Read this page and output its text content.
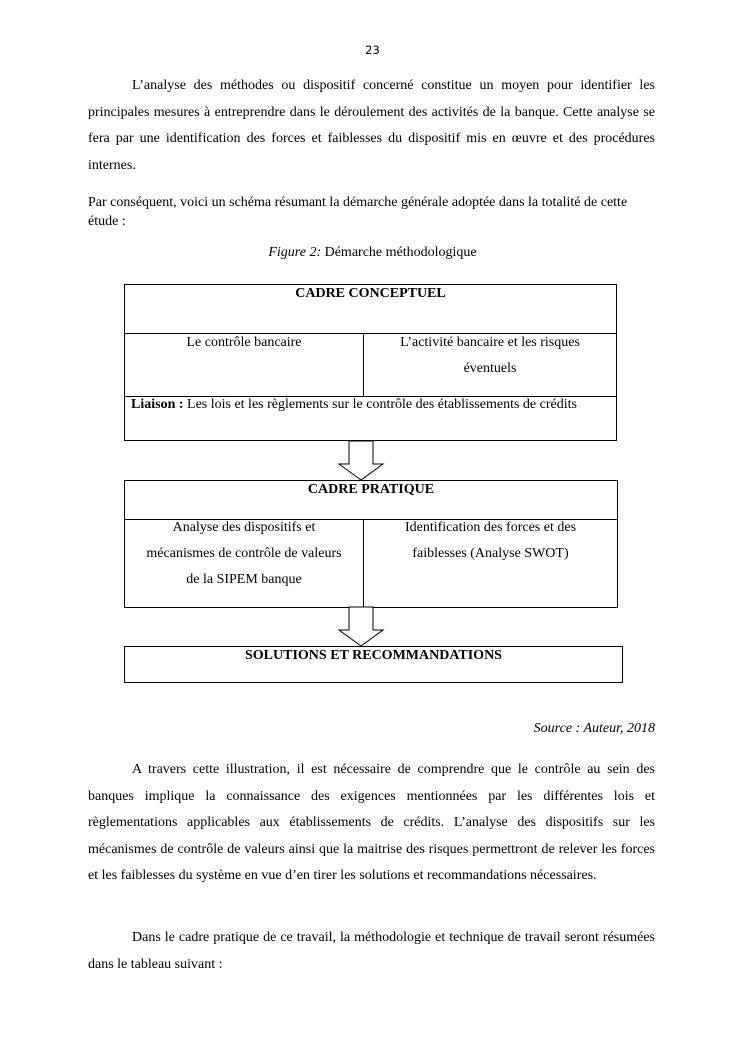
23

L’analyse des méthodes ou dispositif concerné constitue un moyen pour identifier les principales mesures à entreprendre dans le déroulement des activités de la banque. Cette analyse se fera par une identification des forces et faiblesses du dispositif mis en œuvre et des procédures internes.

Par conséquent, voici un schéma résumant la démarche générale adoptée dans la totalité de cette étude :

Figure 2: Démarche méthodologique
CADRE CONCEPTUEL
Le contrôle bancaire	L’activité bancaire et les risques
éventuels
Liaison : Les lois et les règlements sur le contrôle des établissements de crédits
CADRE PRATIQUE
Analyse des dispositifs et
mécanismes de contrôle de valeurs
de la SIPEM banque
Identification des forces et des
faiblesses (Analyse SWOT)
SOLUTIONS ET RECOMMANDATIONS
Source : Auteur, 2018

A travers cette illustration, il est nécessaire de comprendre que le contrôle au sein des banques implique la connaissance des exigences mentionnées par les différentes lois et règlementations applicables aux établissements de crédits. L’analyse des dispositifs sur les mécanismes de contrôle de valeurs ainsi que la maitrise des risques permettront de relever les forces et les faiblesses du système en vue d’en tirer les solutions et recommandations nécessaires.

Dans le cadre pratique de ce travail, la méthodologie et technique de travail seront résumées dans le tableau suivant :
